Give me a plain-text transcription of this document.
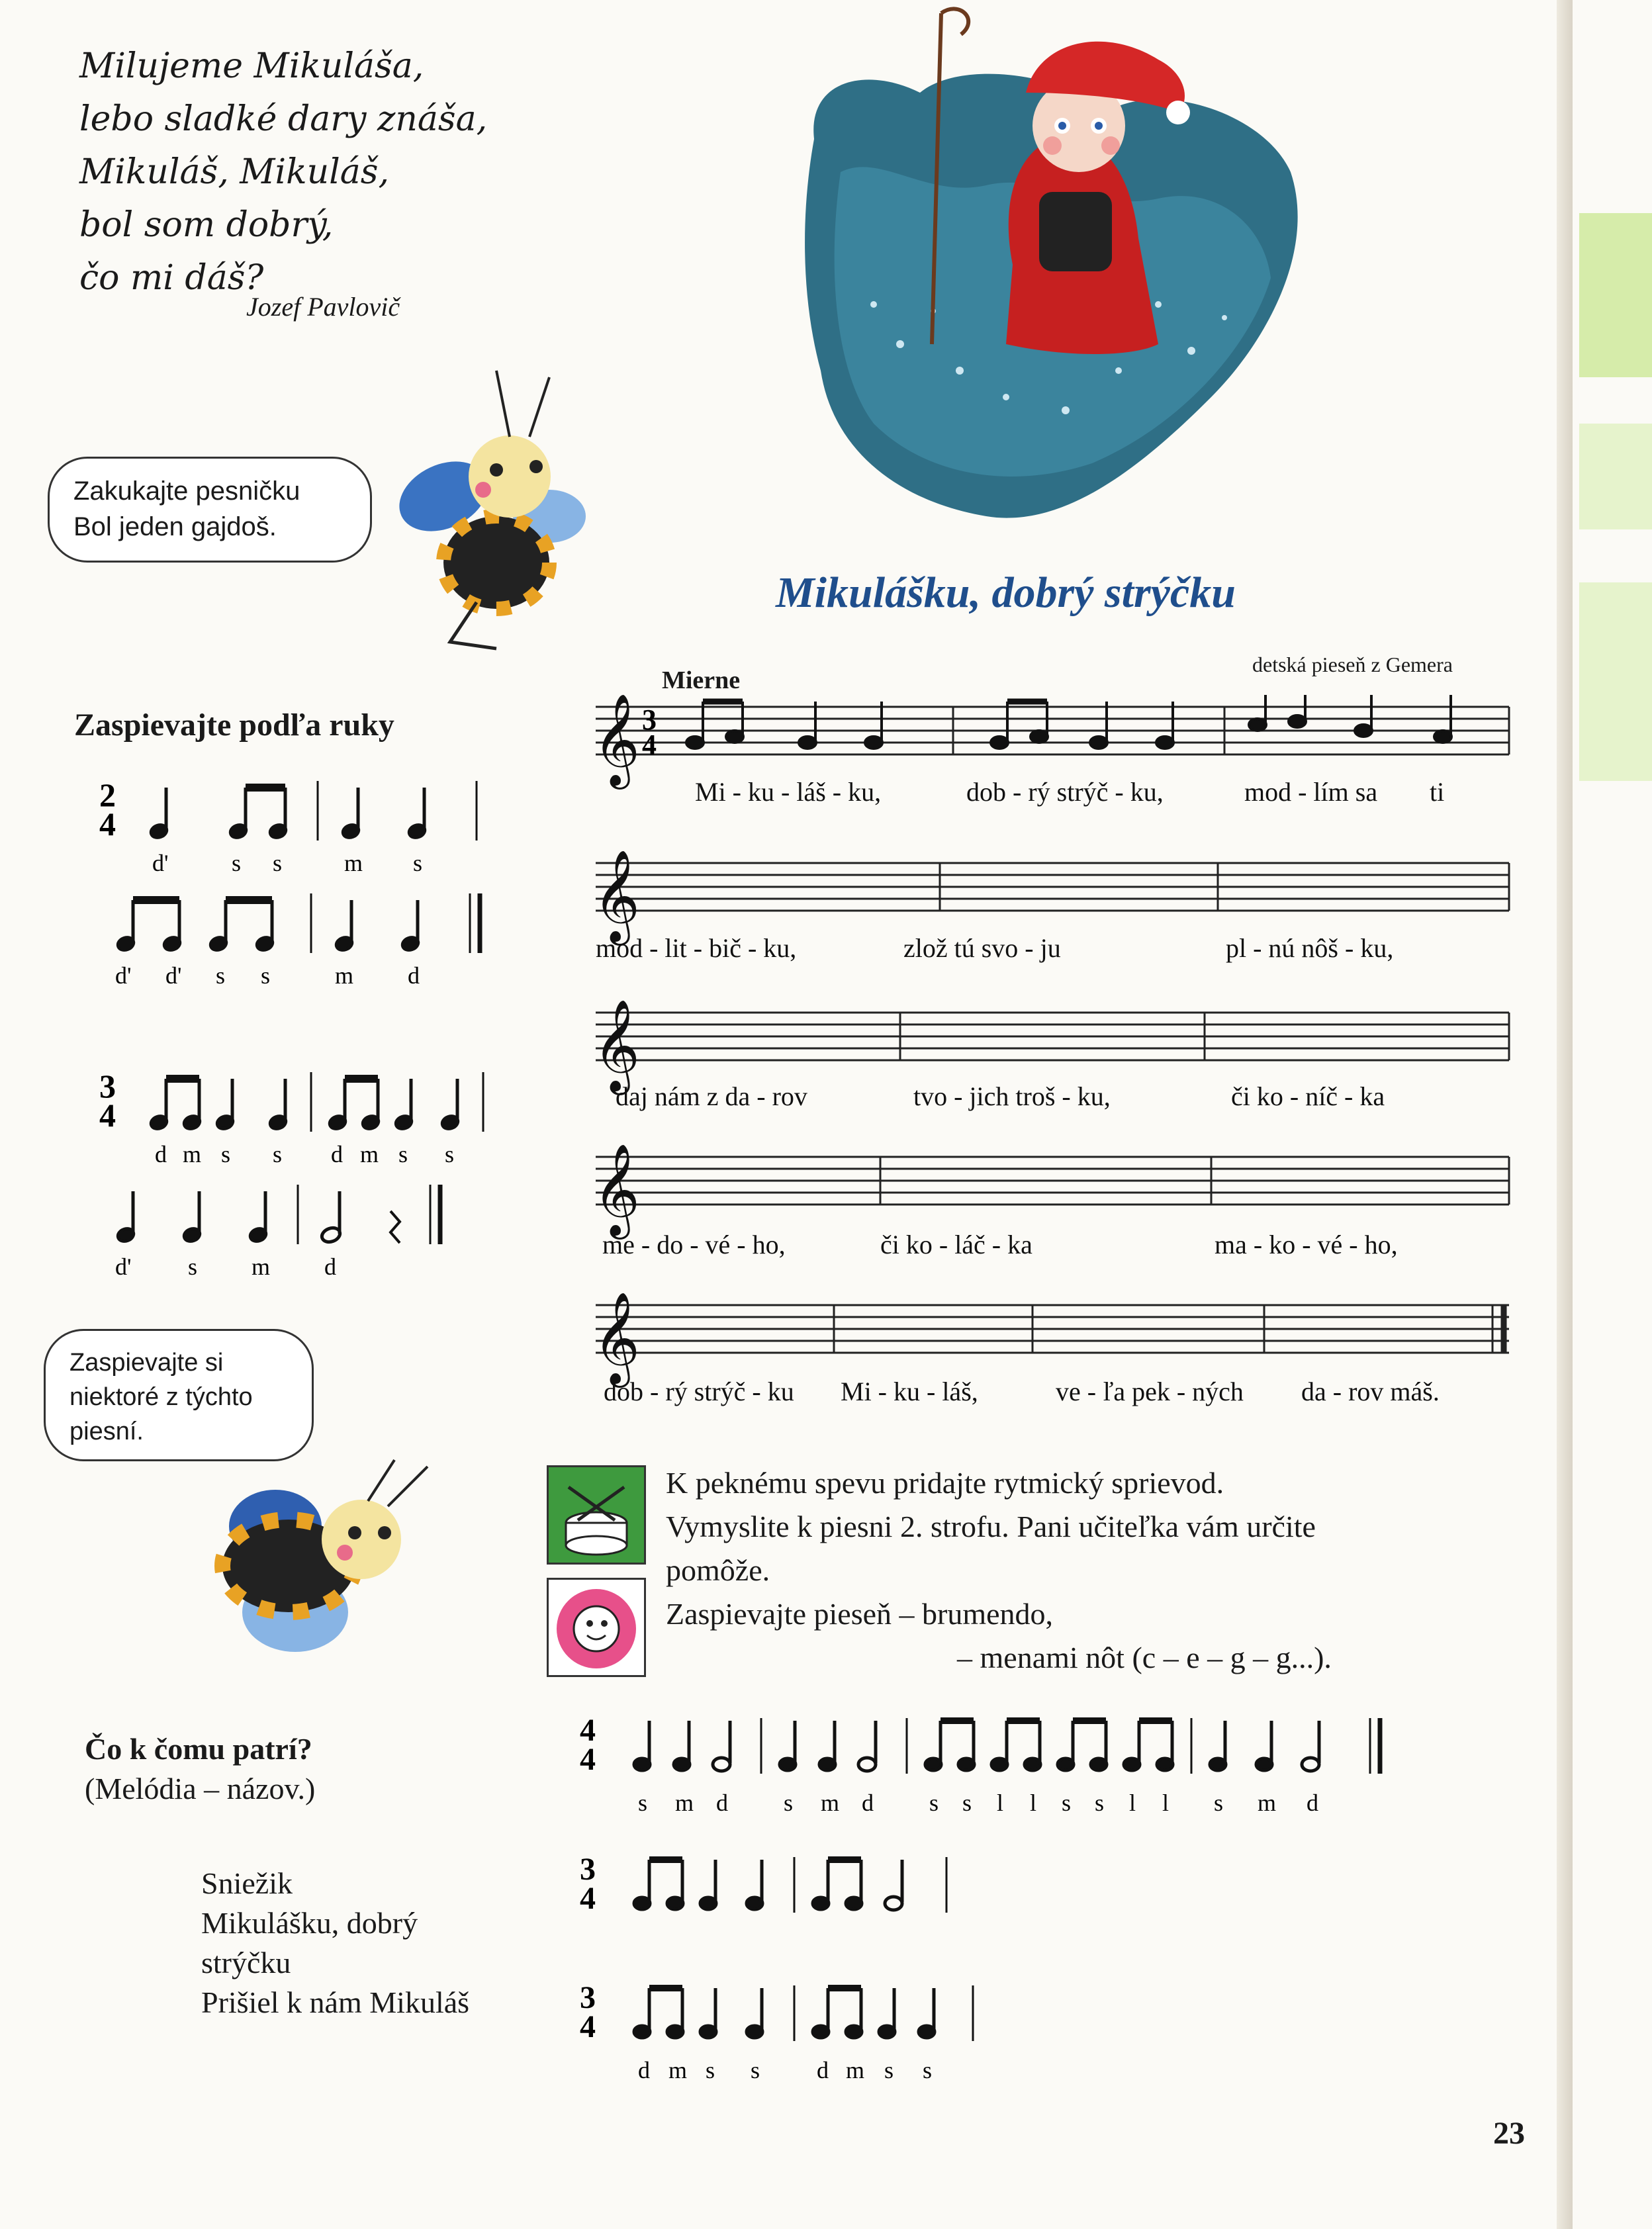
Milujeme Mikuláša,
lebo sladké dary znáša,
Mikuláš, Mikuláš,
bol som dobrý,
čo mi dáš?
Jozef Pavlovič
Zakukajte pesničku
Bol jeden gajdoš.
Zaspievajte podľa ruky
2
4
d'	s s	m s
d' d' s s	m d
3
4
d m s s d m s s
d' s m d
Zaspievajte si
niektoré z týchto
piesní.
Čo k čomu patrí?
(Melódia – názov.)
Sniežik
Mikulášku, dobrý
strýčku
Prišiel k nám Mikuláš
Mikulášku, dobrý strýčku
detská pieseň z Gemera
Mierne
𝄞
𝄞
𝄞
𝄞
𝄞
3
4
Mi - ku - láš - ku,	dob - rý strýč - ku,	mod - lím sa ti
mod - lit - bič - ku,	zlož tú svo - ju	pl - nú nôš - ku,
daj nám z da - rov	tvo - jich troš - ku,	či ko - níč - ka
me - do - vé - ho,	či ko - láč - ka	ma - ko - vé - ho,
dob - rý strýč - ku Mi - ku - láš,	ve - ľa pek - ných da - rov máš.
K peknému spevu pridajte rytmický sprievod.
Vymyslite k piesni 2. strofu. Pani učiteľka vám určite
pomôže.
Zaspievajte pieseň – brumendo,
– menami nôt (c – e – g – g...).
4
4
s m d s m d s s l l s s l l s m d
3
4
3
4
d m s s d m s s
23
